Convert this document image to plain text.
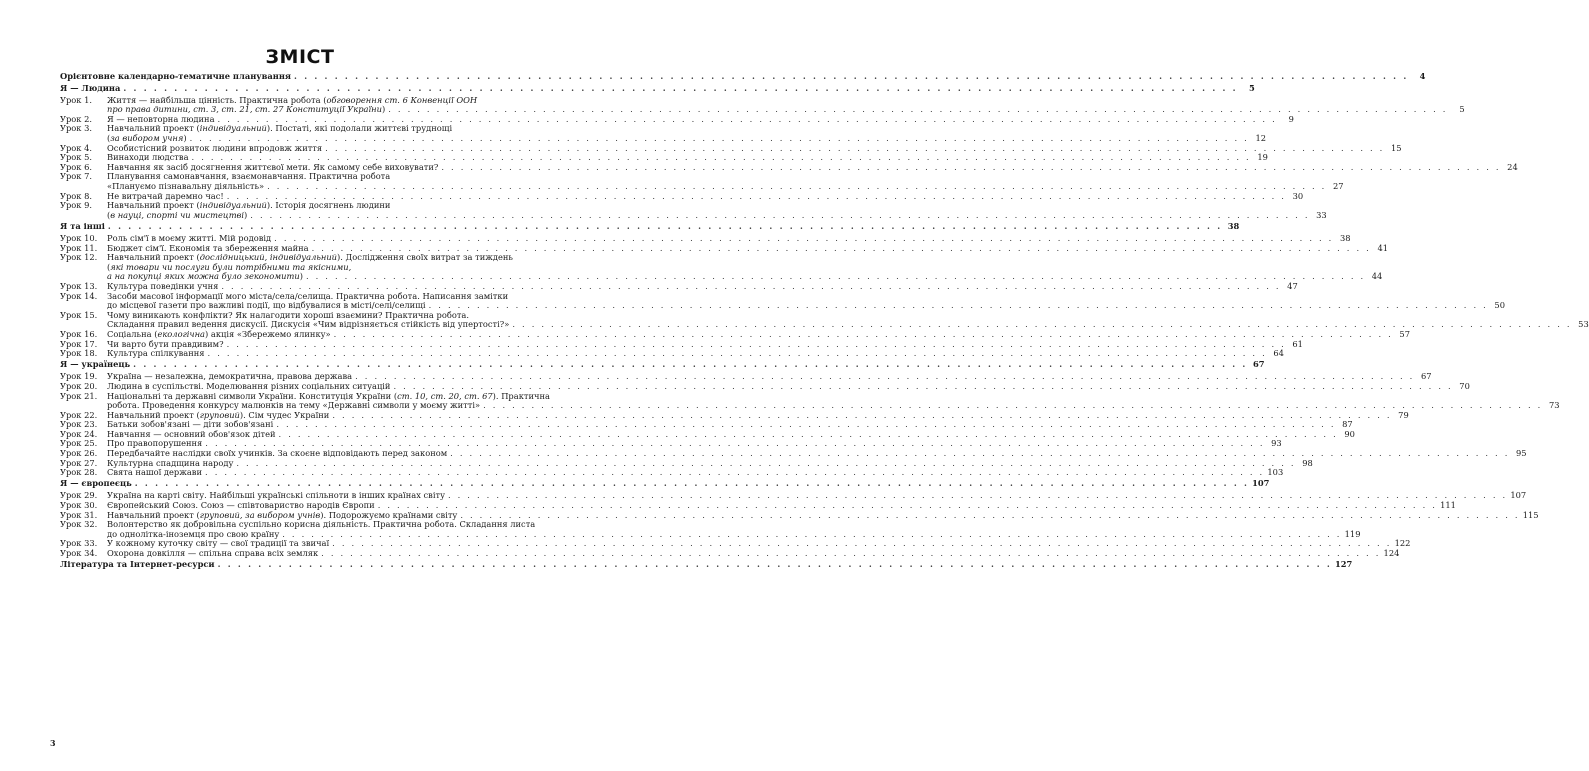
ЗМІСТ
Орієнтовне календарно-тематичне планування . . .	4
Я — Людина . . .	5
Урок 1.	Життя — найбільша цінність. Практична робота (обговорення ст. 6 Конвенції ООН
про права дитини, ст. 3, ст. 21, ст. 27 Конституції України) . . .	5
Урок 2.	Я — неповторна людина . . .	9
Урок 3.	Навчальний проект (індивідуальний). Постаті, які подолали життєві труднощі
(за вибором учня) . . .	12
Урок 4.	Особистісний розвиток людини впродовж життя . . .	15
Урок 5.	Винаходи людства . . .	19
Урок 6.	Навчання як засіб досягнення життєвої мети. Як самому себе виховувати? . . .	24
Урок 7.	Планування самонавчання, взаємонавчання. Практична робота
«Плануємо пізнавальну діяльність» . . .	27
Урок 8.	Не витрачай даремно час! . . .	30
Урок 9.	Навчальний проект (індивідуальний). Історія досягнень людини
(в науці, спорті чи мистецтві) . . .	33
Я та інші . . .	38
Урок 10.	Роль сім'ї в моєму житті. Мій родовід . . .	38
Урок 11.	Бюджет сім'ї. Економія та збереження майна . . .	41
Урок 12.	Навчальний проект (дослідницький, індивідуальний). Дослідження своїх витрат за тиждень
(які товари чи послуги були потрібними та якісними,
а на покупці яких можна було зекономити) . . .	44
Урок 13.	Культура поведінки учня . . .	47
Урок 14.	Засоби масової інформації мого міста/села/селища. Практична робота. Написання замітки
до місцевої газети про важливі події, що відбувалися в місті/селі/селищі . . .	50
Урок 15.	Чому виникають конфлікти? Як налагодити хороші взаємини? Практична робота.
Складання правил ведення дискусії. Дискусія «Чим відрізняється стійкість від упертості?» . . .	53
Урок 16.	Соціальна (екологічна) акція «Збережемо ялинку» . . .	57
Урок 17.	Чи варто бути правдивим? . . .	61
Урок 18.	Культура спілкування . . .	64
Я — українець . . .	67
Урок 19.	Україна — незалежна, демократична, правова держава . . .	67
Урок 20.	Людина в суспільстві. Моделювання різних соціальних ситуацій . . .	70
Урок 21.	Національні та державні символи України. Конституція України (ст. 10, ст. 20, ст. 67). Практична
робота. Проведення конкурсу малюнків на тему «Державні символи у моєму житті» . . .	73
Урок 22.	Навчальний проект (груповий). Сім чудес України . . .	79
Урок 23.	Батьки зобов'язані — діти зобов'язані . . .	87
Урок 24.	Навчання — основний обов'язок дітей . . .	90
Урок 25.	Про правопорушення . . .	93
Урок 26.	Передбачайте наслідки своїх учинків. За скоєне відповідають перед законом . . .	95
Урок 27.	Культурна спадщина народу . . .	98
Урок 28.	Свята нашої держави . . .	103
Я — європеєць . . .	107
Урок 29.	Україна на карті світу. Найбільші українські спільноти в інших країнах світу . . .	107
Урок 30.	Європейський Союз. Союз — співтовариство народів Європи . . .	111
Урок 31.	Навчальний проект (груповий, за вибором учнів). Подорожуємо країнами світу . . .	115
Урок 32.	Волонтерство як добровільна суспільно корисна діяльність. Практична робота. Складання листа
до однолітка-іноземця про свою країну . . .	119
Урок 33.	У кожному куточку світу — свої традиції та звичаї . . .	122
Урок 34.	Охорона довкілля — спільна справа всіх земляк . . .	124
Література та Інтернет-ресурси . . .	127
3
